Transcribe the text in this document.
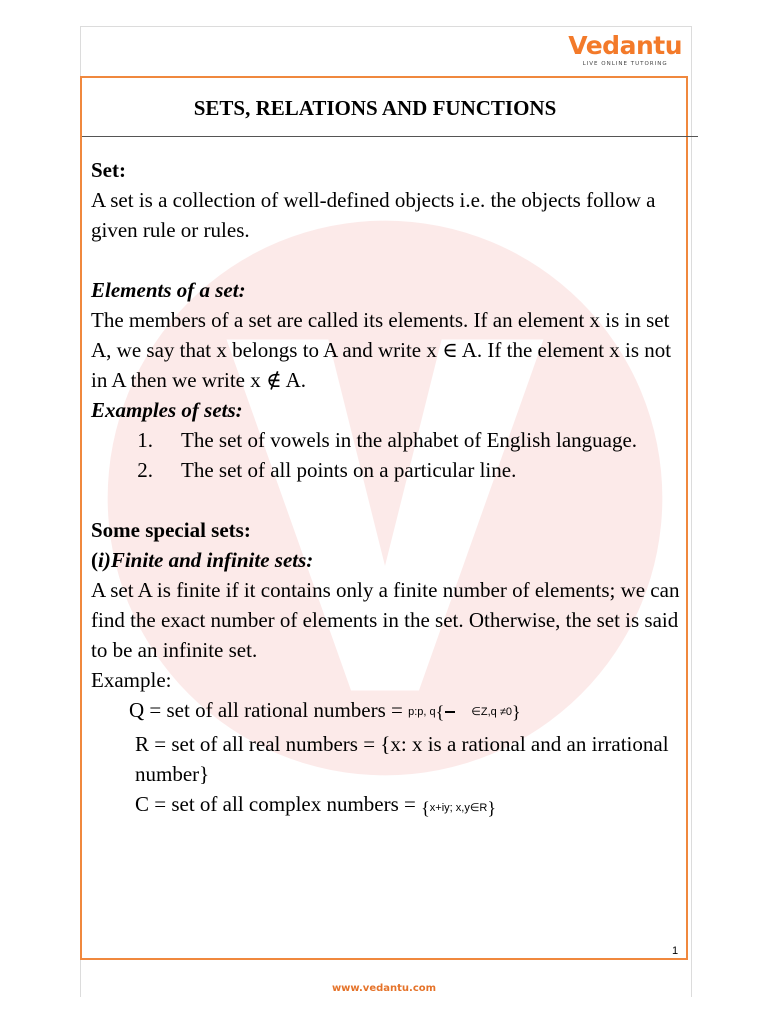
Vedantu
LIVE ONLINE TUTORING
SETS, RELATIONS AND FUNCTIONS

Set:

A set is a collection of well-defined objects i.e. the objects follow a given rule or rules.

Elements of a set:

The members of a set are called its elements. If an element x is in set A, we say that x belongs to A and write x ∈ A. If the element x is not in A then we write x ∉ A.

Examples of sets:

1.	The set of vowels in the alphabet of English language.
2.	The set of all points on a particular line.

Some special sets:

(i)Finite and infinite sets:

A set A is finite if it contains only a finite number of elements; we can find the exact number of elements in the set. Otherwise, the set is said to be an infinite set.

Example:

Q = set of all rational numbers = p:p, q{ ∈Z,q ≠0}

R = set of all real numbers = {x: x is a rational and an irrational number}

C = set of all complex numbers = {x+iy; x,y∈R}

1
www.vedantu.com
